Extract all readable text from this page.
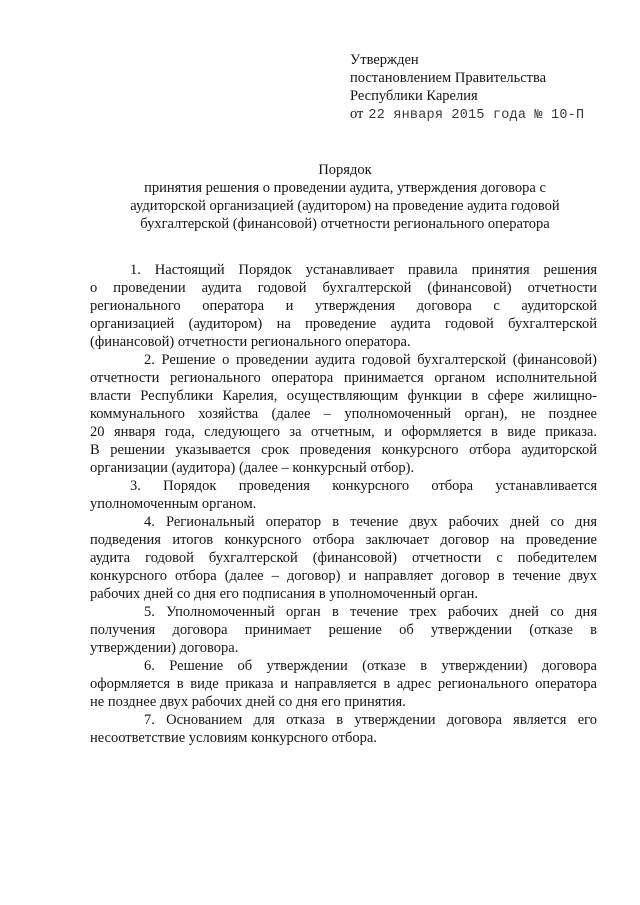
Утвержден
постановлением Правительства
Республики Карелия
от 22 января 2015 года № 10-П
Порядок
принятия решения о проведении аудита, утверждения договора с
аудиторской организацией (аудитором) на проведение аудита годовой
бухгалтерской (финансовой) отчетности регионального оператора
1. Настоящий Порядок устанавливает правила принятия решения
о проведении аудита годовой бухгалтерской (финансовой) отчетности
регионального оператора и утверждения договора с аудиторской
организацией (аудитором) на проведение аудита годовой бухгалтерской
(финансовой) отчетности регионального оператора.
2. Решение о проведении аудита годовой бухгалтерской (финансовой)
отчетности регионального оператора принимается органом исполнительной
власти Республики Карелия, осуществляющим функции в сфере жилищно-
коммунального хозяйства (далее – уполномоченный орган), не позднее
20 января года, следующего за отчетным, и оформляется в виде приказа.
В решении указывается срок проведения конкурсного отбора аудиторской
организации (аудитора) (далее – конкурсный отбор).
3. Порядок проведения конкурсного отбора устанавливается
уполномоченным органом.
4. Региональный оператор в течение двух рабочих дней со дня
подведения итогов конкурсного отбора заключает договор на проведение
аудита годовой бухгалтерской (финансовой) отчетности с победителем
конкурсного отбора (далее – договор) и направляет договор в течение двух
рабочих дней со дня его подписания в уполномоченный орган.
5. Уполномоченный орган в течение трех рабочих дней со дня
получения договора принимает решение об утверждении (отказе в
утверждении) договора.
6. Решение об утверждении (отказе в утверждении) договора
оформляется в виде приказа и направляется в адрес регионального оператора
не позднее двух рабочих дней со дня его принятия.
7. Основанием для отказа в утверждении договора является его
несоответствие условиям конкурсного отбора.
